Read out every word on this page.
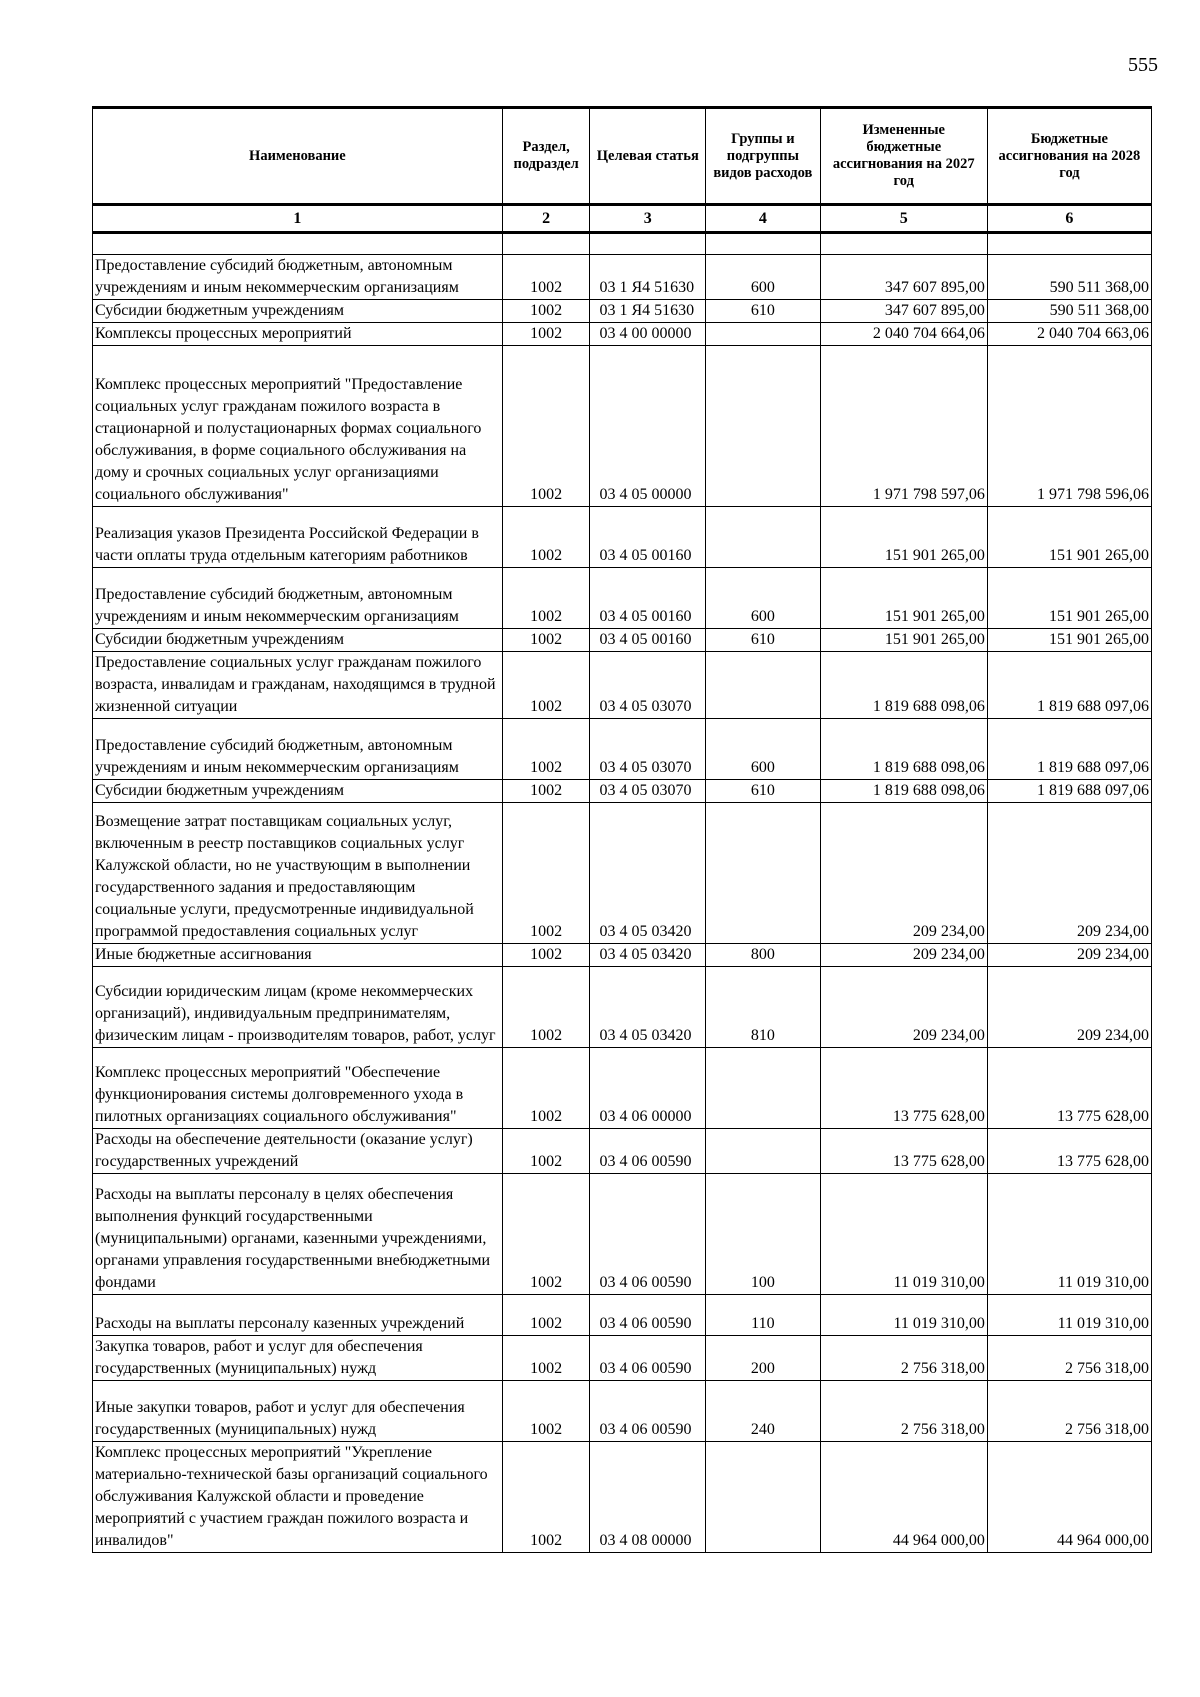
555
Наименование	Раздел, подраздел	Целевая статья	Группы и подгруппы видов расходов	Измененные бюджетные ассигнования на 2027 год	Бюджетные ассигнования на 2028 год
1	2	3	4	5	6

Предоставление субсидий бюджетным, автономным учреждениям и иным некоммерческим организациям	1002	03 1 Я4 51630	600	347 607 895,00	590 511 368,00
Субсидии бюджетным учреждениям	1002	03 1 Я4 51630	610	347 607 895,00	590 511 368,00
Комплексы процессных мероприятий	1002	03 4 00 00000		2 040 704 664,06	2 040 704 663,06
Комплекс процессных мероприятий "Предоставление социальных услуг гражданам пожилого возраста в стационарной и полустационарных формах социального обслуживания, в форме социального обслуживания на дому и срочных социальных услуг организациями социального обслуживания"	1002	03 4 05 00000		1 971 798 597,06	1 971 798 596,06
Реализация указов Президента Российской Федерации в части оплаты труда отдельным категориям работников	1002	03 4 05 00160		151 901 265,00	151 901 265,00
Предоставление субсидий бюджетным, автономным учреждениям и иным некоммерческим организациям	1002	03 4 05 00160	600	151 901 265,00	151 901 265,00
Субсидии бюджетным учреждениям	1002	03 4 05 00160	610	151 901 265,00	151 901 265,00
Предоставление социальных услуг гражданам пожилого возраста, инвалидам и гражданам, находящимся в трудной жизненной ситуации	1002	03 4 05 03070		1 819 688 098,06	1 819 688 097,06
Предоставление субсидий бюджетным, автономным учреждениям и иным некоммерческим организациям	1002	03 4 05 03070	600	1 819 688 098,06	1 819 688 097,06
Субсидии бюджетным учреждениям	1002	03 4 05 03070	610	1 819 688 098,06	1 819 688 097,06
Возмещение затрат поставщикам социальных услуг, включенным в реестр поставщиков социальных услуг Калужской области, но не участвующим в выполнении государственного задания и предоставляющим социальные услуги, предусмотренные индивидуальной программой предоставления социальных услуг	1002	03 4 05 03420		209 234,00	209 234,00
Иные бюджетные ассигнования	1002	03 4 05 03420	800	209 234,00	209 234,00
Субсидии юридическим лицам (кроме некоммерческих организаций), индивидуальным предпринимателям, физическим лицам - производителям товаров, работ, услуг	1002	03 4 05 03420	810	209 234,00	209 234,00
Комплекс процессных мероприятий "Обеспечение функционирования системы долговременного ухода в пилотных организациях социального обслуживания"	1002	03 4 06 00000		13 775 628,00	13 775 628,00
Расходы на обеспечение деятельности (оказание услуг) государственных учреждений	1002	03 4 06 00590		13 775 628,00	13 775 628,00
Расходы на выплаты персоналу в целях обеспечения выполнения функций государственными (муниципальными) органами, казенными учреждениями, органами управления государственными внебюджетными фондами	1002	03 4 06 00590	100	11 019 310,00	11 019 310,00
Расходы на выплаты персоналу казенных учреждений	1002	03 4 06 00590	110	11 019 310,00	11 019 310,00
Закупка товаров, работ и услуг для обеспечения государственных (муниципальных) нужд	1002	03 4 06 00590	200	2 756 318,00	2 756 318,00
Иные закупки товаров, работ и услуг для обеспечения государственных (муниципальных) нужд	1002	03 4 06 00590	240	2 756 318,00	2 756 318,00
Комплекс процессных мероприятий "Укрепление материально-технической базы организаций социального обслуживания Калужской области и проведение мероприятий с участием граждан пожилого возраста и инвалидов"	1002	03 4 08 00000		44 964 000,00	44 964 000,00
